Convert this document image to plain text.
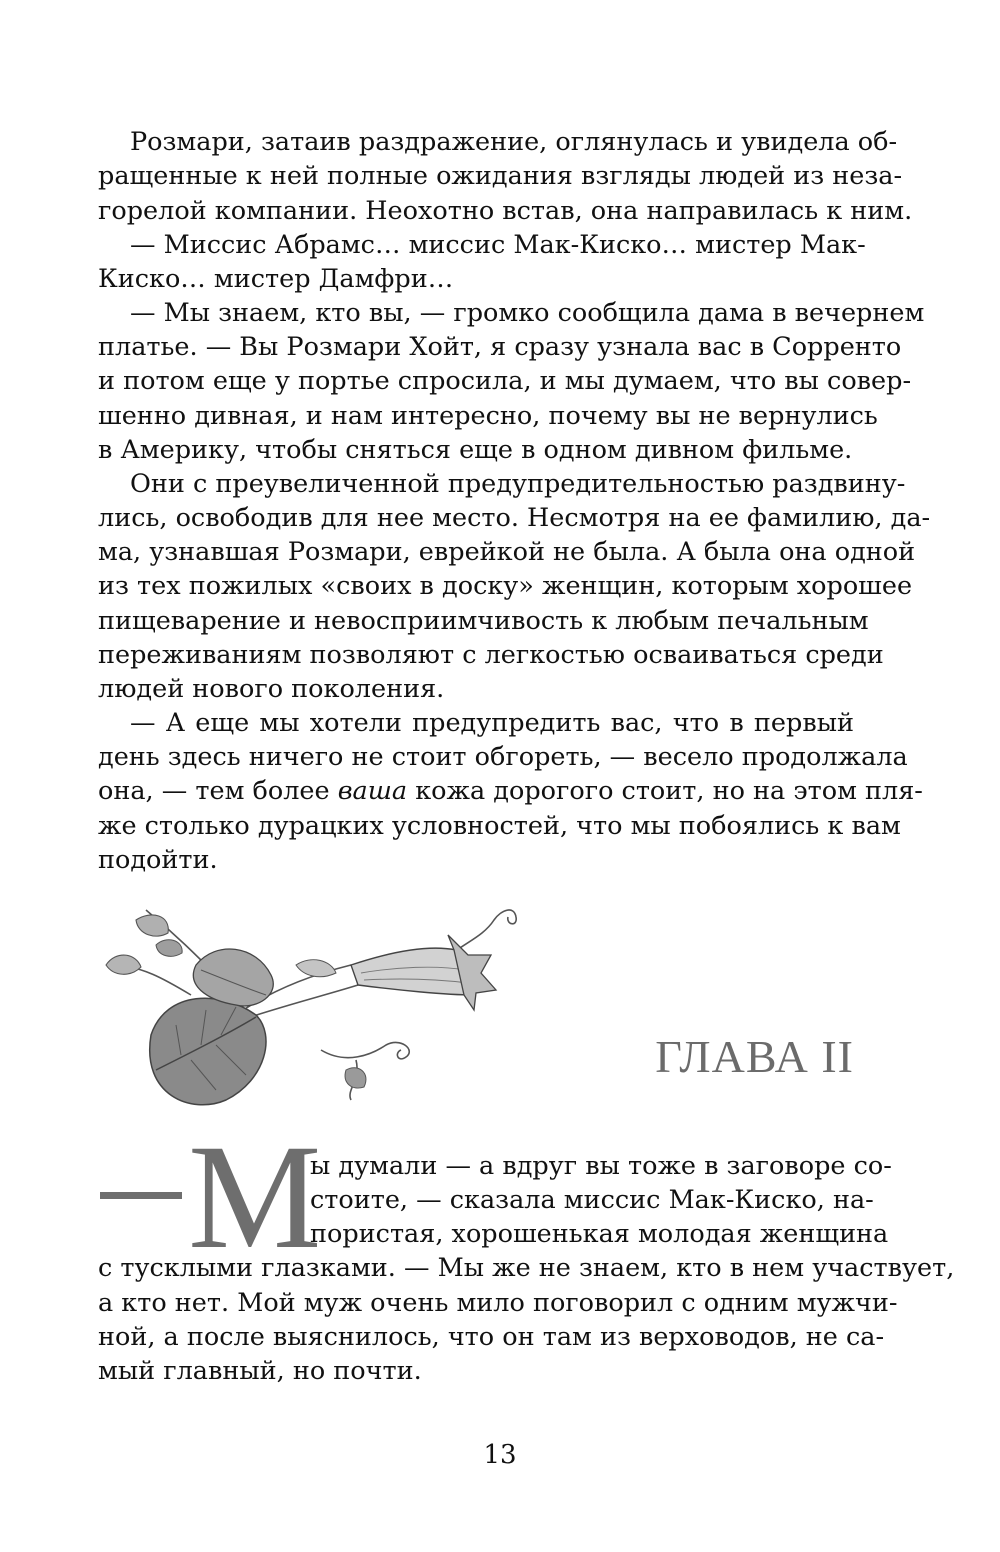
Розмари, затаив раздражение, оглянулась и увидела об-
ращенные к ней полные ожидания взгляды людей из неза-
горелой компании. Неохотно встав, она направилась к ним.
— Миссис Абрамс… миссис Мак-Киско… мистер Мак-
Киско… мистер Дамфри…
— Мы знаем, кто вы, — громко сообщила дама в вечернем
платье. — Вы Розмари Хойт, я сразу узнала вас в Сорренто
и потом еще у портье спросила, и мы думаем, что вы совер-
шенно дивная, и нам интересно, почему вы не вернулись
в Америку, чтобы сняться еще в одном дивном фильме.
Они с преувеличенной предупредительностью раздвину-
лись, освободив для нее место. Несмотря на ее фамилию, да-
ма, узнавшая Розмари, еврейкой не была. А была она одной
из тех пожилых «своих в доску» женщин, которым хорошее
пищеварение и невосприимчивость к любым печальным
переживаниям позволяют с легкостью осваиваться среди
людей нового поколения.
— А еще мы хотели предупредить вас, что в первый
день здесь ничего не стоит обгореть, — весело продолжала
она, — тем более ваша кожа дорогого стоит, но на этом пля-
же столько дурацких условностей, что мы побоялись к вам
подойти.
ГЛАВА II
М
ы думали — а вдруг вы тоже в заговоре со-
стоите, — сказала миссис Мак-Киско, на-
пористая, хорошенькая молодая женщина
с тусклыми глазками. — Мы же не знаем, кто в нем участвует,
а кто нет. Мой муж очень мило поговорил с одним мужчи-
ной, а после выяснилось, что он там из верховодов, не са-
мый главный, но почти.
13
